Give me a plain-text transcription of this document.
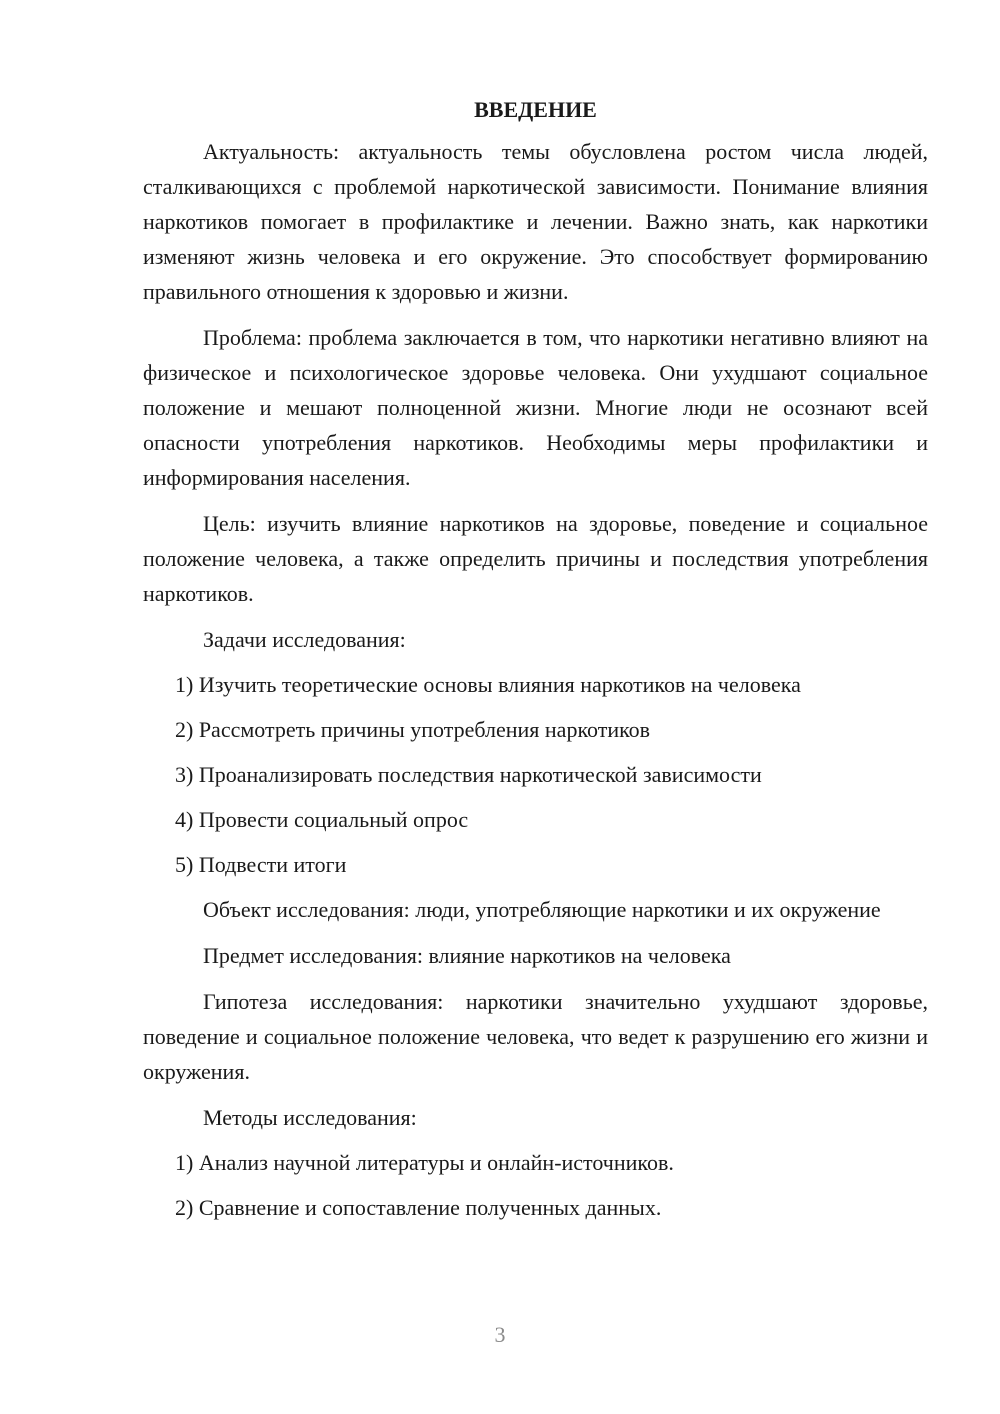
ВВЕДЕНИЕ

Актуальность: актуальность темы обусловлена ростом числа людей, сталкивающихся с проблемой наркотической зависимости. Понимание влияния наркотиков помогает в профилактике и лечении. Важно знать, как наркотики изменяют жизнь человека и его окружение. Это способствует формированию правильного отношения к здоровью и жизни.

Проблема: проблема заключается в том, что наркотики негативно влияют на физическое и психологическое здоровье человека. Они ухудшают социальное положение и мешают полноценной жизни. Многие люди не осознают всей опасности употребления наркотиков. Необходимы меры профилактики и информирования населения.

Цель: изучить влияние наркотиков на здоровье, поведение и социальное положение человека, а также определить причины и последствия употребления наркотиков.

Задачи исследования:

1) Изучить теоретические основы влияния наркотиков на человека
2) Рассмотреть причины употребления наркотиков
3) Проанализировать последствия наркотической зависимости
4) Провести социальный опрос
5) Подвести итоги

Объект исследования: люди, употребляющие наркотики и их окружение

Предмет исследования: влияние наркотиков на человека

Гипотеза исследования: наркотики значительно ухудшают здоровье, поведение и социальное положение человека, что ведет к разрушению его жизни и окружения.

Методы исследования:

1) Анализ научной литературы и онлайн-источников.
2) Сравнение и сопоставление полученных данных.
3
